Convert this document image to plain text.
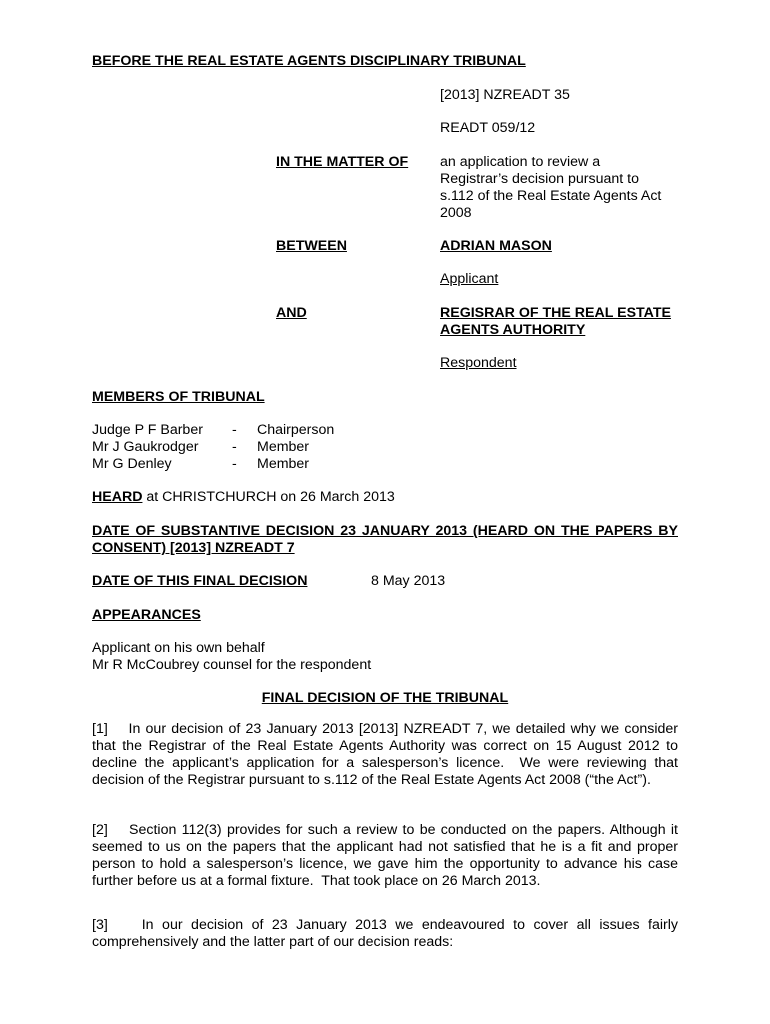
BEFORE THE REAL ESTATE AGENTS DISCIPLINARY TRIBUNAL
[2013] NZREADT 35
READT 059/12
IN THE MATTER OF an application to review a Registrar’s decision pursuant to s.112 of the Real Estate Agents Act 2008
BETWEEN	ADRIAN MASON
Applicant
AND	REGISRAR OF THE REAL ESTATE AGENTS AUTHORITY
Respondent
MEMBERS OF TRIBUNAL
Judge P F Barber - Chairperson
Mr J Gaukrodger - Member
Mr G Denley	- Member
HEARD at CHRISTCHURCH on 26 March 2013
DATE OF SUBSTANTIVE DECISION 23 JANUARY 2013 (HEARD ON THE PAPERS BY CONSENT) [2013] NZREADT 7
DATE OF THIS FINAL DECISION	8 May 2013
APPEARANCES
Applicant on his own behalf
Mr R McCoubrey counsel for the respondent
FINAL DECISION OF THE TRIBUNAL
[1]    In our decision of 23 January 2013 [2013] NZREADT 7, we detailed why we consider that the Registrar of the Real Estate Agents Authority was correct on 15 August 2012 to decline the applicant’s application for a salesperson’s licence.  We were reviewing that decision of the Registrar pursuant to s.112 of the Real Estate Agents Act 2008 (“the Act”).
[2]    Section 112(3) provides for such a review to be conducted on the papers. Although it seemed to us on the papers that the applicant had not satisfied that he is a fit and proper person to hold a salesperson’s licence, we gave him the opportunity to advance his case further before us at a formal fixture.  That took place on 26 March 2013.
[3]    In our decision of 23 January 2013 we endeavoured to cover all issues fairly comprehensively and the latter part of our decision reads:
